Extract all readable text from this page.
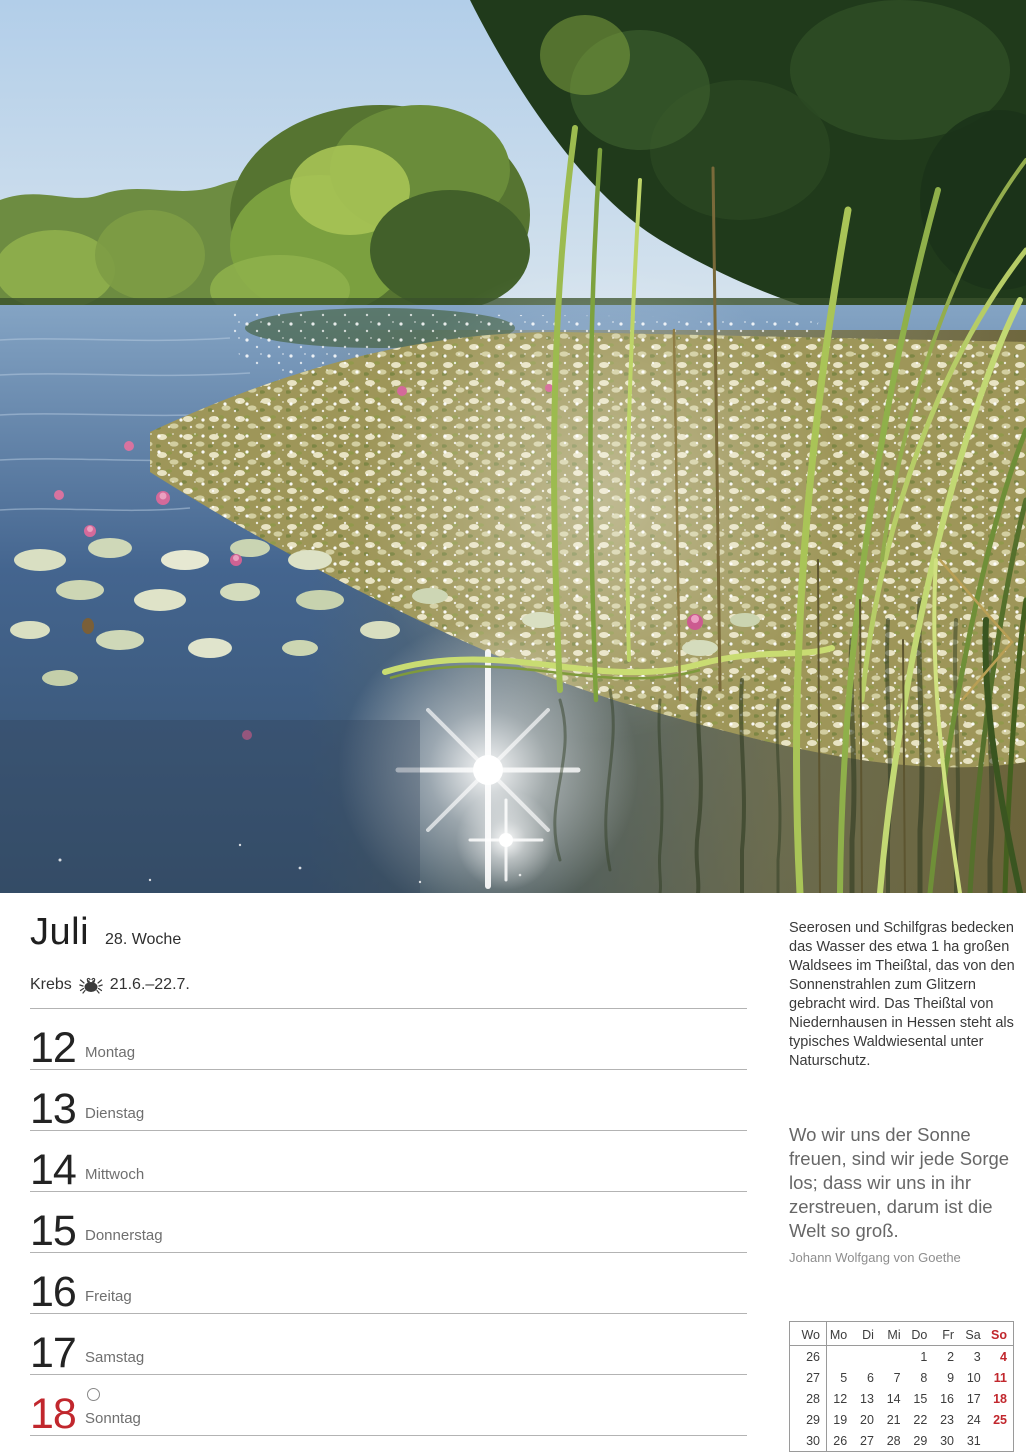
Juli 28. Woche
Krebs 21.6.–22.7.
12 Montag
13 Dienstag
14 Mittwoch
15 Donnerstag
16 Freitag
17 Samstag
18 Sonntag

Seerosen und Schilfgras bedecken das Wasser des etwa 1 ha großen Waldsees im Theißtal, das von den Sonnenstrahlen zum Glitzern gebracht wird. Das Theißtal von Niedernhausen in Hessen steht als typisches Waldwiesental unter Naturschutz.

Wo wir uns der Sonne freuen, sind wir jede Sorge los; dass wir uns in ihr zerstreuen, darum ist die Welt so groß.

Johann Wolfgang von Goethe

Wo	Mo	Di	Mi	Do	Fr	Sa	So
26				1	2	3	4
27	5	6	7	8	9	10	11
28	12	13	14	15	16	17	18
29	19	20	21	22	23	24	25
30	26	27	28	29	30	31	
